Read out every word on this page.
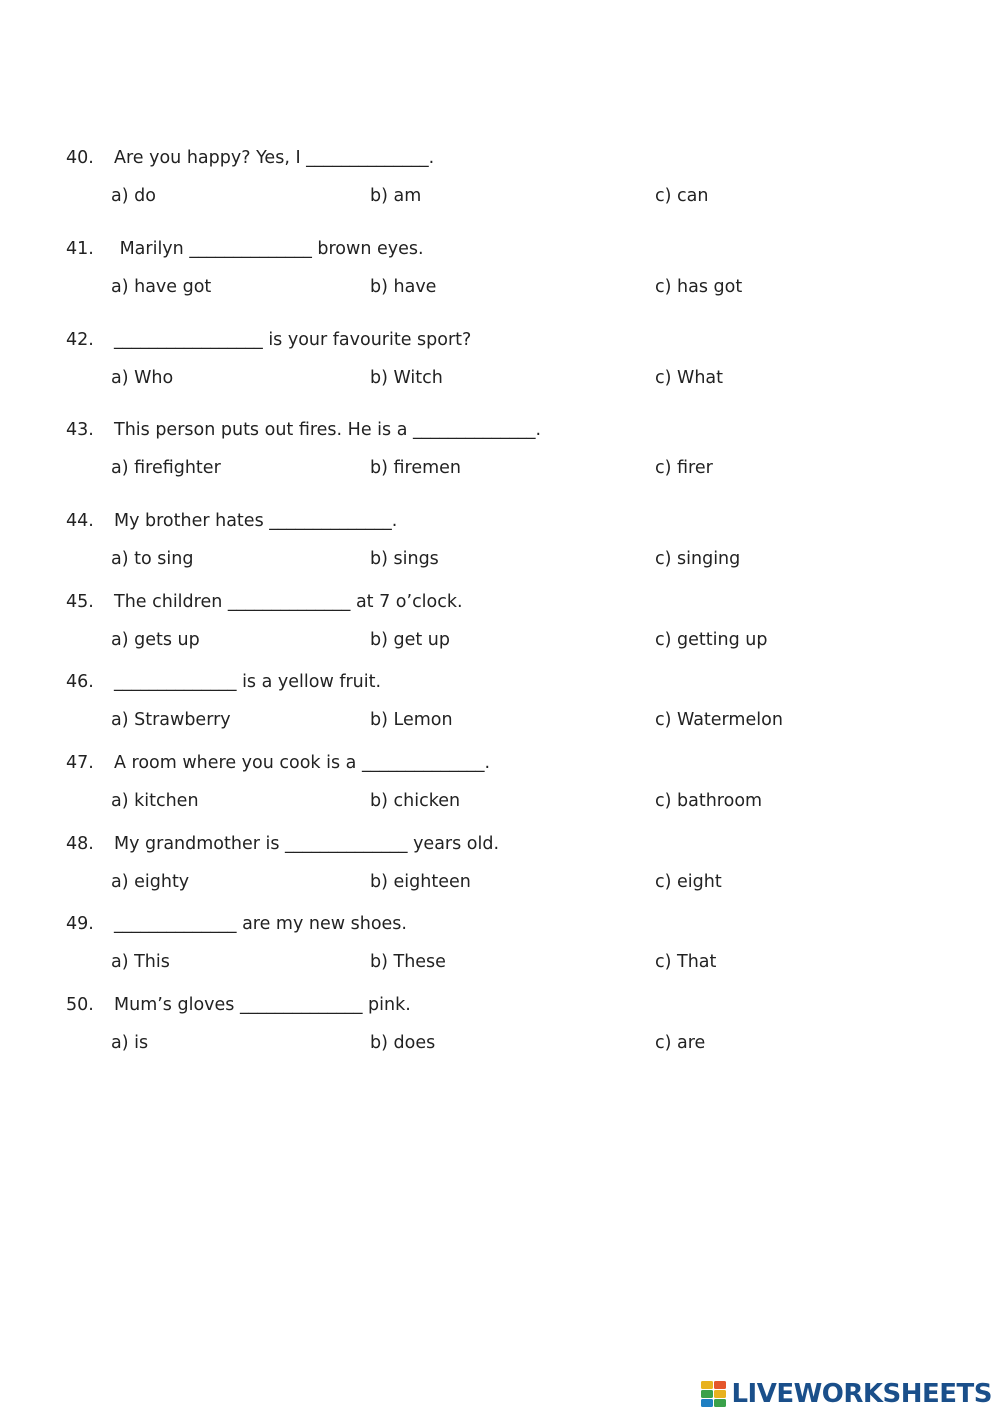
40. Are you happy? Yes, I ______________.
a) do	b) am	c) can
41. Marilyn ______________ brown eyes.
a) have got	b) have	c) has got
42. _________________ is your favourite sport?
a) Who	b) Witch	c) What
43. This person puts out fires. He is a ______________.
a) firefighter	b) firemen	c) firer
44. My brother hates ______________.
a) to sing	b) sings	c) singing
45. The children ______________ at 7 o’clock.
a) gets up	b) get up	c) getting up
46. ______________ is a yellow fruit.
a) Strawberry	b) Lemon	c) Watermelon
47. A room where you cook is a ______________.
a) kitchen	b) chicken	c) bathroom
48. My grandmother is ______________ years old.
a) eighty	b) eighteen	c) eight
49. ______________ are my new shoes.
a) This	b) These	c) That
50. Mum’s gloves ______________ pink.
a) is	b) does	c) are
LIVEWORKSHEETS
